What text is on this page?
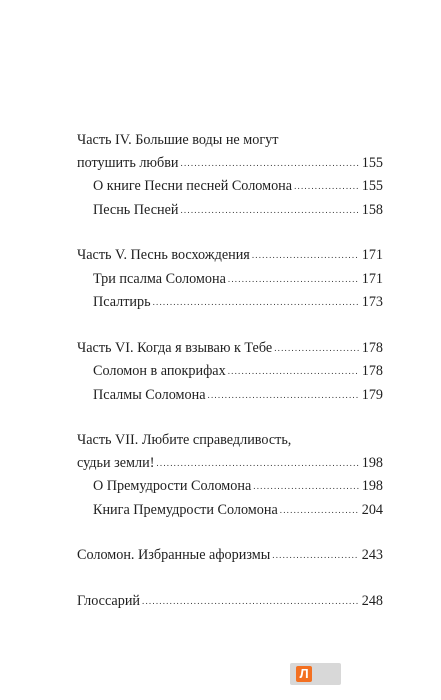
Часть IV. Большие воды не могут
потушить любви .....	155
О книге Песни песней Соломона .....	155
Песнь Песней .....	158
Часть V. Песнь восхождения .....	171
Три псалма Соломона .....	171
Псалтирь .....	173
Часть VI. Когда я взываю к Тебе .....	178
Соломон в апокрифах .....	178
Псалмы Соломона .....	179
Часть VII. Любите справедливость,
судьи земли! .....	198
О Премудрости Соломона .....	198
Книга Премудрости Соломона .....	204
Соломон. Избранные афоризмы .....	243
Глоссарий .....	248
Л
